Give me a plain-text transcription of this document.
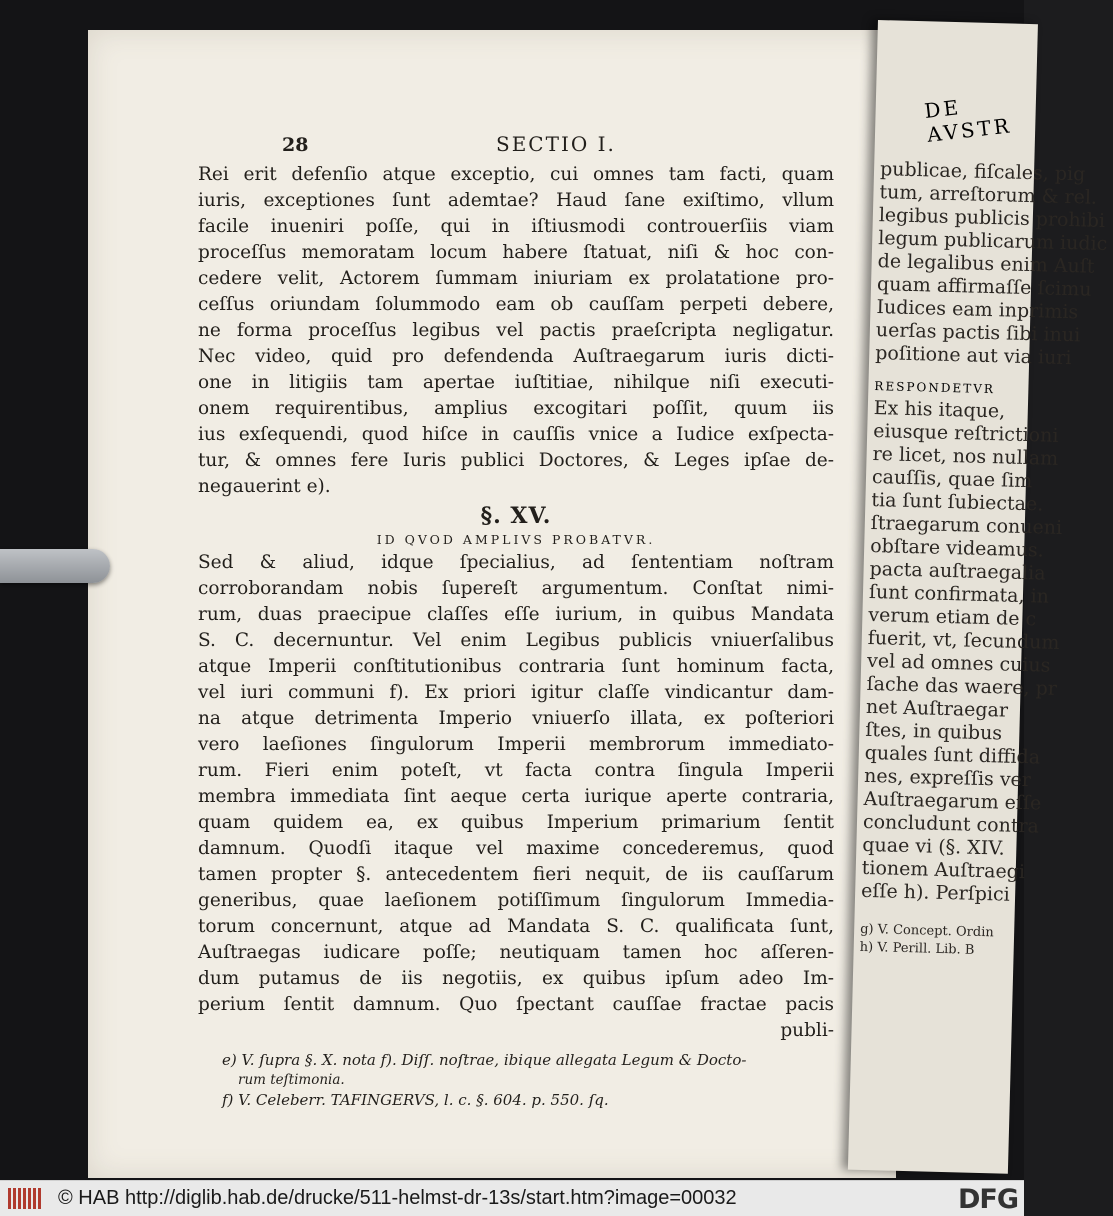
DE AVSTR
publicae, fiſcales, pig
tum, arreſtorum & rel.
legibus publicis prohibi
legum publicarum iudic
de legalibus enim Auſt
quam affirmaſſe ſcimu
Iudices eam inprimis
uerſas pactis ſibi inui
poſitione aut via iuri
RESPONDETVR
Ex his itaque,
eiusque reſtrictioni
re licet, nos nullam
cauſſis, quae ſim
tia ſunt ſubiectae.
ſtraegarum conueni
obſtare videamus.
pacta auſtraegalia
ſunt confirmata, in
verum etiam de c
fuerit, vt, ſecundum
vel ad omnes cuius
ſache das waere, pr
net Auſtraegar
ſtes, in quibus
quales ſunt diffida
nes, expreſſis ver
Auſtraegarum eſſe
concludunt contra
quae vi (§. XIV.
tionem Auſtraegi
eſſe h). Perſpici
g) V. Concept. Ordin
h) V. Perill. Lib. B
28	SECTIO I.
Rei erit defenſio atque exceptio, cui omnes tam facti, quam
iuris, exceptiones ſunt ademtae? Haud ſane exiſtimo, vllum
facile inueniri poſſe, qui in iſtiusmodi controuerſiis viam
proceſſus memoratam locum habere ſtatuat, niſi & hoc con-
cedere velit, Actorem ſummam iniuriam ex prolatatione pro-
ceſſus oriundam ſolummodo eam ob cauſſam perpeti debere,
ne forma proceſſus legibus vel pactis praeſcripta negligatur.
Nec video, quid pro defendenda Auſtraegarum iuris dicti-
one in litigiis tam apertae iuſtitiae, nihilque niſi executi-
onem requirentibus, amplius excogitari poſſit, quum iis
ius exſequendi, quod hiſce in cauſſis vnice a Iudice exſpecta-
tur, & omnes fere Iuris publici Doctores, & Leges ipſae de-
negauerint e).
§. XV.
ID QVOD AMPLIVS PROBATVR.
Sed & aliud, idque ſpecialius, ad ſententiam noſtram
corroborandam nobis ſupereſt argumentum. Conſtat nimi-
rum, duas praecipue claſſes eſſe iurium, in quibus Mandata
S. C. decernuntur. Vel enim Legibus publicis vniuerſalibus
atque Imperii conſtitutionibus contraria ſunt hominum facta,
vel iuri communi f). Ex priori igitur claſſe vindicantur dam-
na atque detrimenta Imperio vniuerſo illata, ex poſteriori
vero laeſiones ſingulorum Imperii membrorum immediato-
rum. Fieri enim poteſt, vt facta contra ſingula Imperii
membra immediata ſint aeque certa iurique aperte contraria,
quam quidem ea, ex quibus Imperium primarium ſentit
damnum. Quodſi itaque vel maxime concederemus, quod
tamen propter §. antecedentem fieri nequit, de iis cauſſarum
generibus, quae laeſionem potiſſimum ſingulorum Immedia-
torum concernunt, atque ad Mandata S. C. qualificata ſunt,
Auſtraegas iudicare poſſe; neutiquam tamen hoc aſſeren-
dum putamus de iis negotiis, ex quibus ipſum adeo Im-
perium ſentit damnum. Quo ſpectant cauſſae fractae pacis
publi-
e) V. ſupra §. X. nota f). Diſſ. noſtrae, ibique allegata Legum & Docto-
rum teſtimonia.
f) V. Celeberr. TAFINGERVS, l. c. §. 604. p. 550. ſq.
© HAB http://diglib.hab.de/drucke/511-helmst-dr-13s/start.htm?image=00032	DFG
